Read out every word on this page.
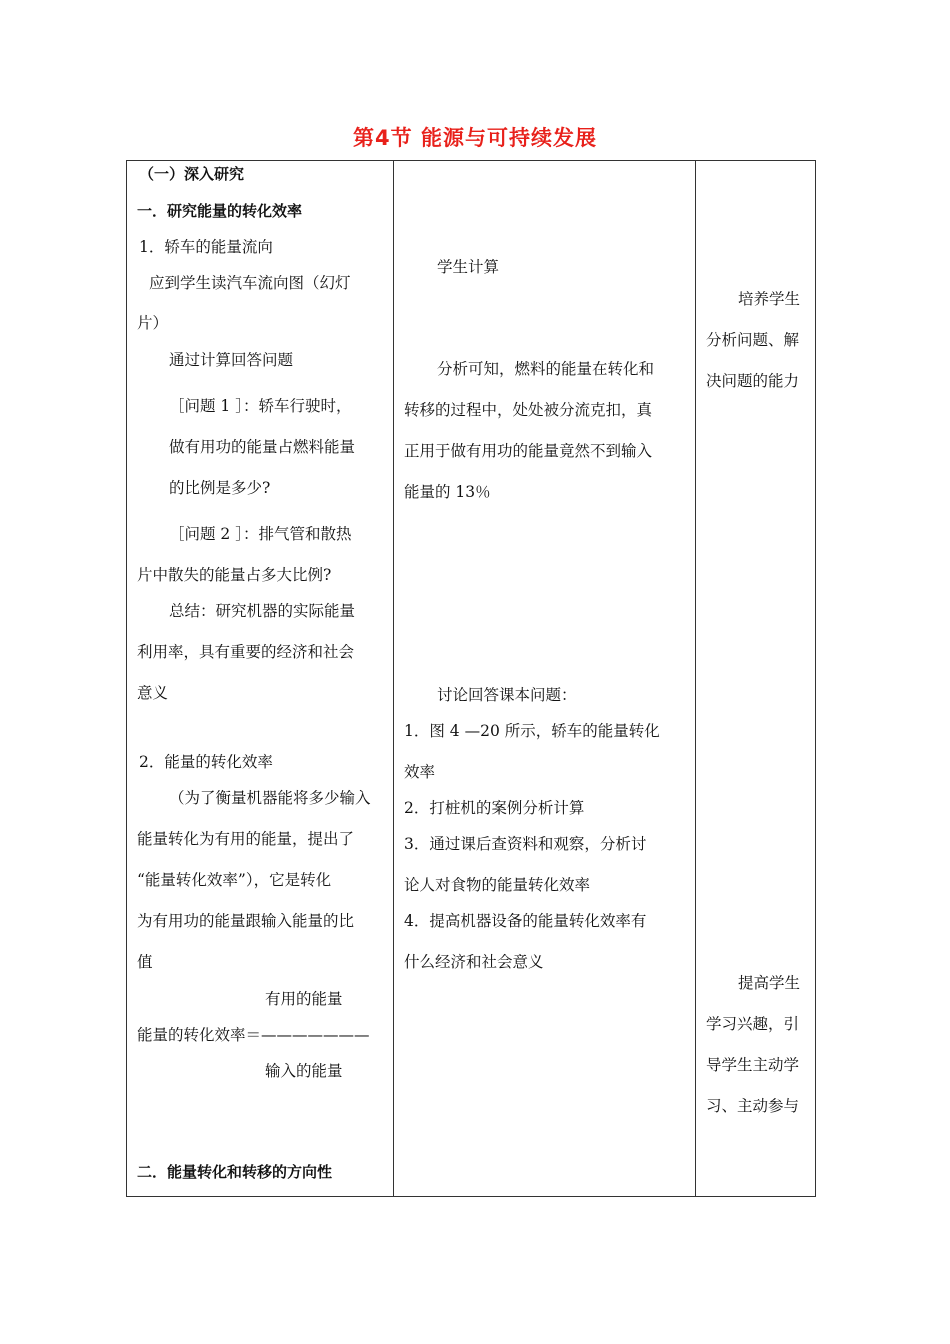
第4节 能源与可持续发展
（一）深入研究
一．研究能量的转化效率
1．轿车的能量流向
应到学生读汽车流向图（幻灯
片）
通过计算回答问题
［问题 1 ］：轿车行驶时，
做有用功的能量占燃料能量
的比例是多少?
［问题 2 ］：排气管和散热
片中散失的能量占多大比例?
总结：研究机器的实际能量
利用率，具有重要的经济和社会
意义
2．能量的转化效率
（为了衡量机器能将多少输入
能量转化为有用的能量，提出了
“能量转化效率”），它是转化
为有用功的能量跟输入能量的比
值
有用的能量
能量的转化效率＝———————
输入的能量
二．能量转化和转移的方向性
学生计算
分析可知，燃料的能量在转化和
转移的过程中，处处被分流克扣，真
正用于做有用功的能量竟然不到输入
能量的 13％
讨论回答课本问题：
1．图 4 —20 所示，轿车的能量转化
效率
2．打桩机的案例分析计算
3．通过课后查资料和观察，分析讨
论人对食物的能量转化效率
4．提高机器设备的能量转化效率有
什么经济和社会意义
培养学生
分析问题、解
决问题的能力
提高学生
学习兴趣，引
导学生主动学
习、主动参与
